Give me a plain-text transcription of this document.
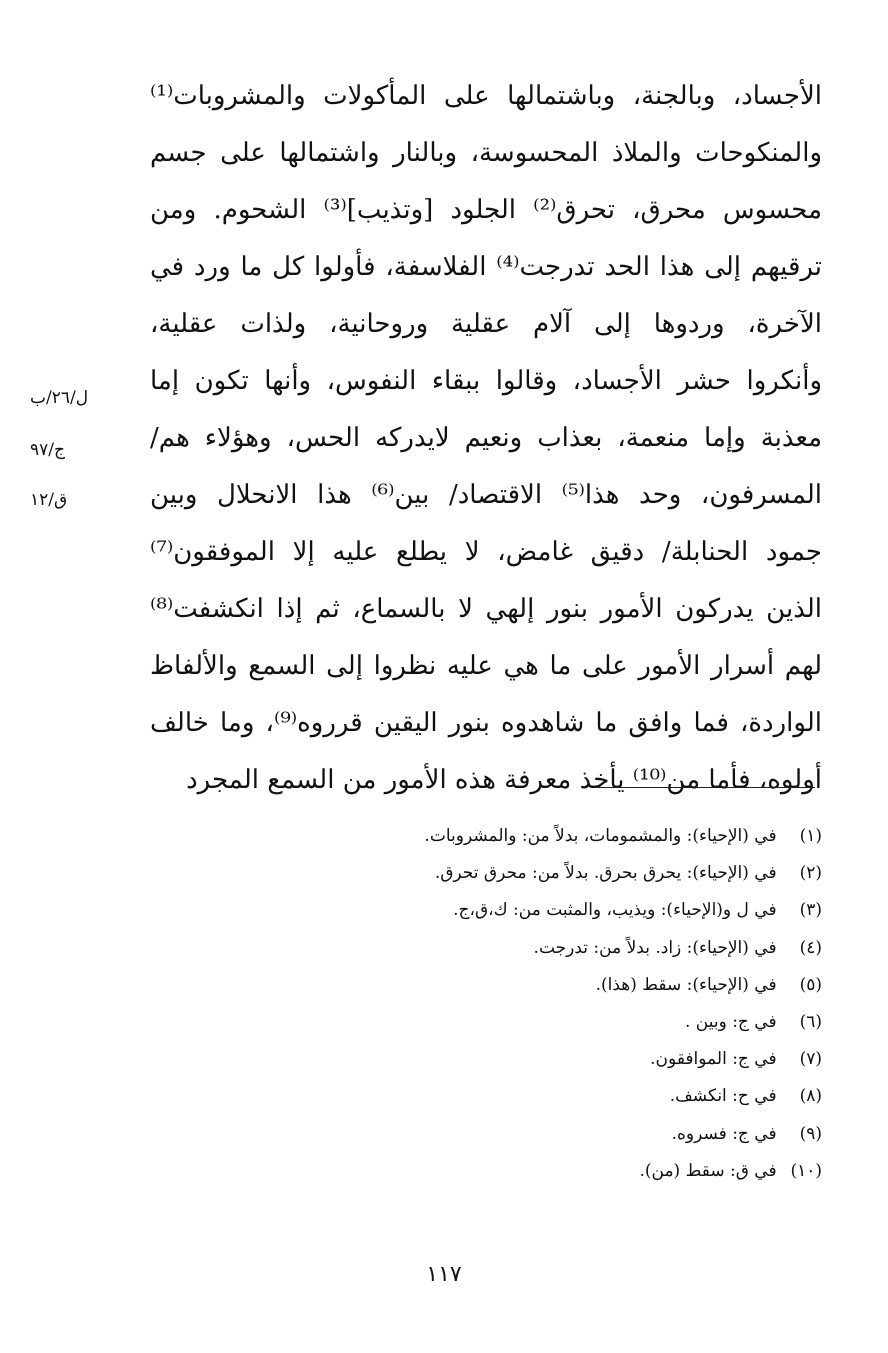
الأجساد، وبالجنة، وباشتمالها على المأكولات والمشروبات⁽¹⁾
والمنكوحات والملاذ المحسوسة، وبالنار واشتمالها على جسم
محسوس محرق، تحرق⁽²⁾ الجلود [وتذيب]⁽³⁾ الشحوم. ومن
ترقيهم إلى هذا الحد تدرجت⁽⁴⁾ الفلاسفة، فأولوا كل ما ورد في
الآخرة، وردوها إلى آلام عقلية وروحانية، ولذات عقلية،
وأنكروا حشر الأجساد، وقالوا ببقاء النفوس، وأنها تكون إما
معذبة وإما منعمة، بعذاب ونعيم لايدركه الحس، وهؤلاء هم/
المسرفون، وحد هذا⁽⁵⁾ الاقتصاد/ بين⁽⁶⁾ هذا الانحلال وبين
جمود الحنابلة/ دقيق غامض، لا يطلع عليه إلا الموفقون⁽⁷⁾
الذين يدركون الأمور بنور إلهي لا بالسماع، ثم إذا انكشفت⁽⁸⁾
لهم أسرار الأمور على ما هي عليه نظروا إلى السمع والألفاظ
الواردة، فما وافق ما شاهدوه بنور اليقين قرروه⁽⁹⁾، وما خالف
أولوه، فأما من⁽¹⁰⁾ يأخذ معرفة هذه الأمور من السمع المجرد
ل/٢٦/ب
ج/٩٧
ق/١٢
(١) في (الإحياء): والمشمومات، بدلاً من: والمشروبات.
(٢) في (الإحياء): يحرق بحرق. بدلاً من: محرق تحرق.
(٣) في ل و(الإحياء): ويذيب، والمثبت من: ك،ق،ج.
(٤) في (الإحياء): زاد. بدلاً من: تدرجت.
(٥) في (الإحياء): سقط (هذا).
(٦) في ج: وبين .
(٧) في ج: الموافقون.
(٨) في ح: انكشف.
(٩) في ج: فسروه.
(١٠) في ق: سقط (من).
١١٧
